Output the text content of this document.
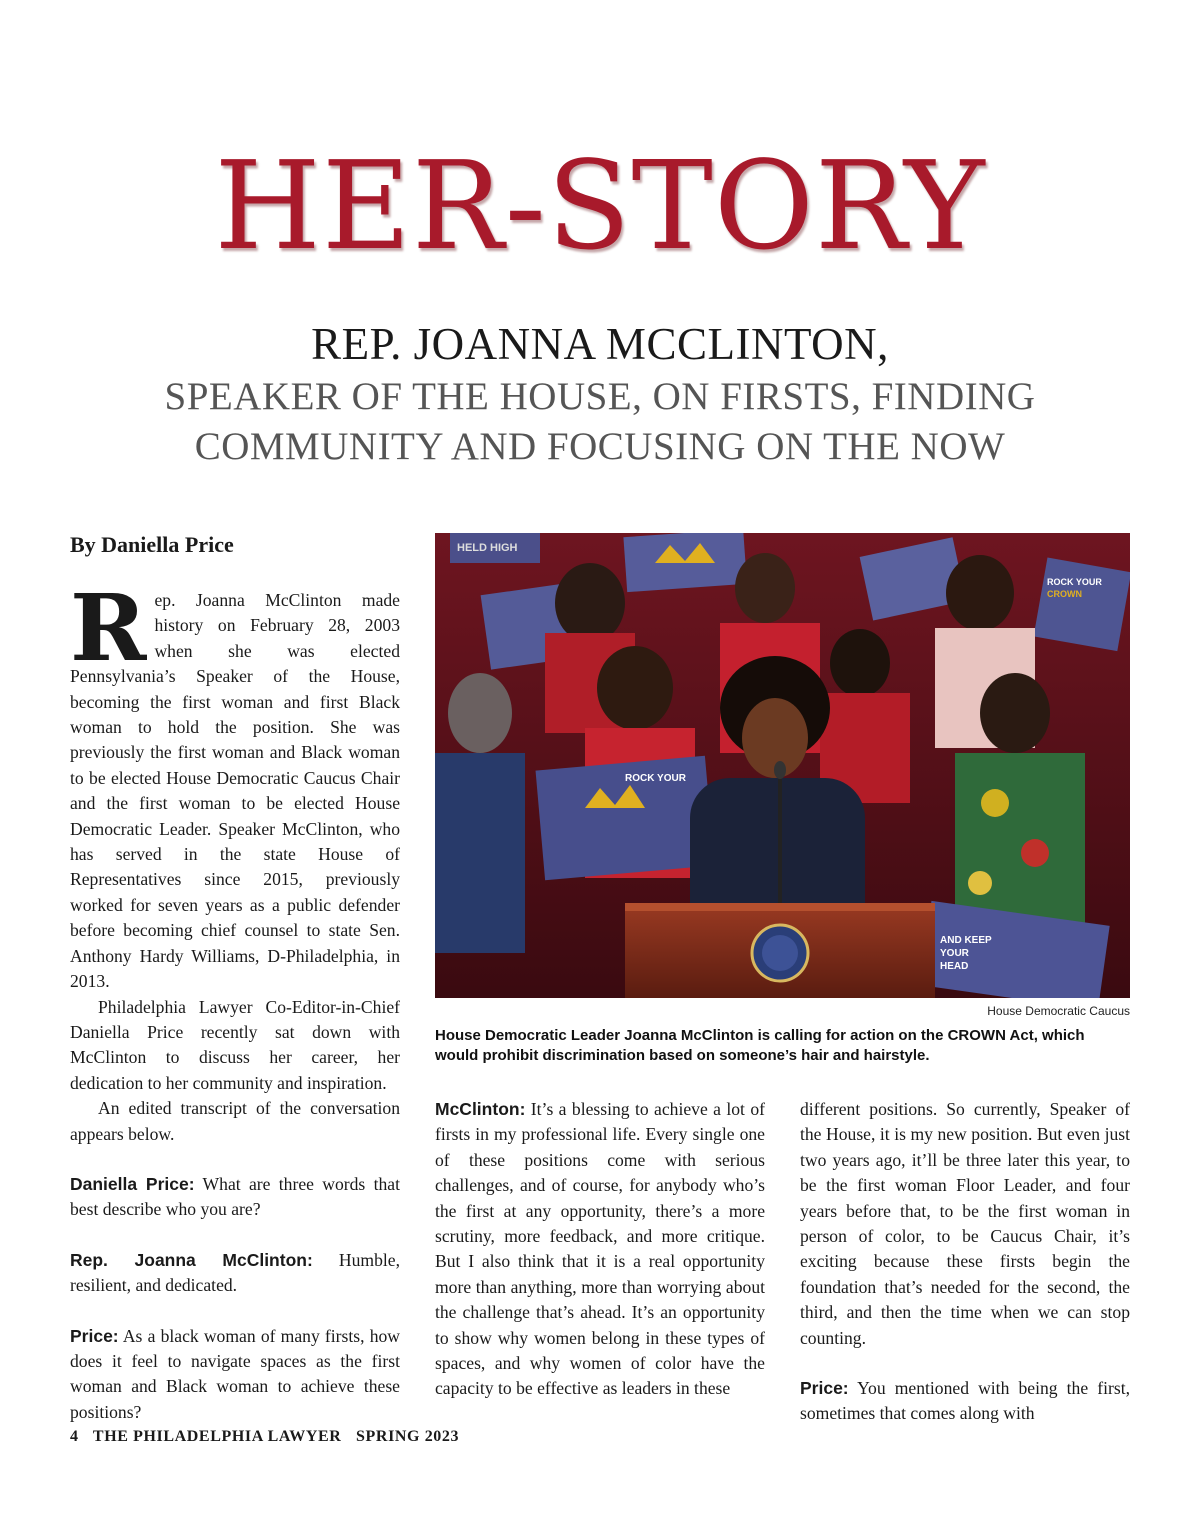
HER-STORY
REP. JOANNA MCCLINTON,
SPEAKER OF THE HOUSE, ON FIRSTS, FINDING COMMUNITY AND FOCUSING ON THE NOW
By Daniella Price

Rep. Joanna McClinton made history on February 28, 2003 when she was elected Pennsylvania’s Speaker of the House, becoming the first woman and first Black woman to hold the position. She was previously the first woman and Black woman to be elected House Democratic Caucus Chair and the first woman to be elected House Democratic Leader. Speaker McClinton, who has served in the state House of Representatives since 2015, previously worked for seven years as a public defender before becoming chief counsel to state Sen. Anthony Hardy Williams, D-Philadelphia, in 2013.

Philadelphia Lawyer Co-Editor-in-Chief Daniella Price recently sat down with McClinton to discuss her career, her dedication to her community and inspiration.

An edited transcript of the conversation appears below.

Daniella Price: What are three words that best describe who you are?

Rep. Joanna McClinton: Humble, resilient, and dedicated.

Price: As a black woman of many firsts, how does it feel to navigate spaces as the first woman and Black woman to achieve these positions?

HELD HIGH
ROCK YOUR
CROWN
ROCK YOUR
AND KEEP
YOUR
HEAD
House Democratic Caucus
House Democratic Leader Joanna McClinton is calling for action on the CROWN Act, which would prohibit discrimination based on someone’s hair and hairstyle.

McClinton: It’s a blessing to achieve a lot of firsts in my professional life. Every single one of these positions come with serious challenges, and of course, for anybody who’s the first at any opportunity, there’s a more scrutiny, more feedback, and more critique. But I also think that it is a real opportunity more than anything, more than worrying about the challenge that’s ahead. It’s an opportunity to show why women belong in these types of spaces, and why women of color have the capacity to be effective as leaders in these

different positions. So currently, Speaker of the House, it is my new position. But even just two years ago, it’ll be three later this year, to be the first woman Floor Leader, and four years before that, to be the first woman in person of color, to be Caucus Chair, it’s exciting because these firsts begin the foundation that’s needed for the second, the third, and then the time when we can stop counting.

Price: You mentioned with being the first, sometimes that comes along with

4 THE PHILADELPHIA LAWYER SPRING 2023
